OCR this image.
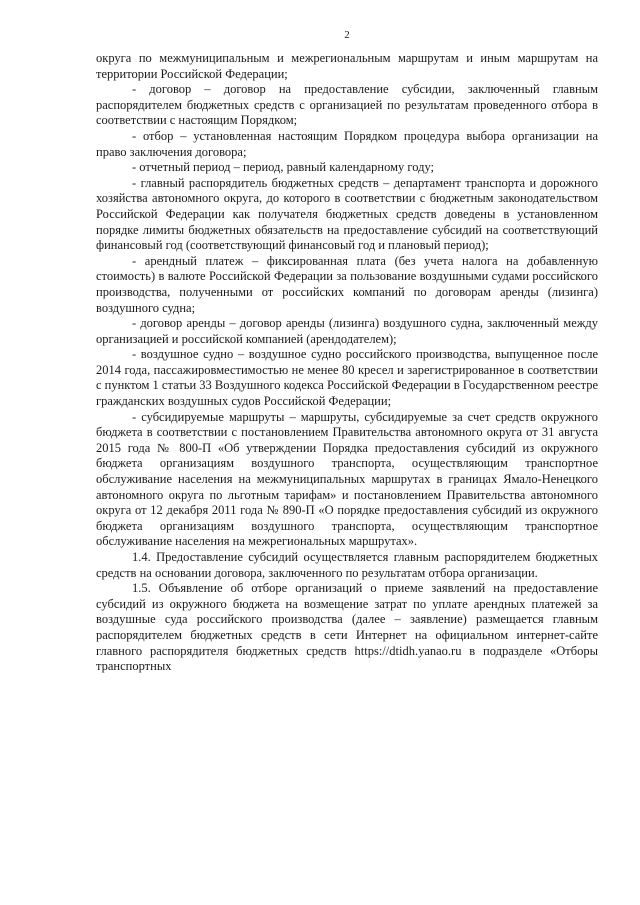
2

округа по межмуниципальным и межрегиональным маршрутам и иным маршрутам на территории Российской Федерации;

- договор – договор на предоставление субсидии, заключенный главным распорядителем бюджетных средств с организацией по результатам проведенного отбора в соответствии с настоящим Порядком;

- отбор – установленная настоящим Порядком процедура выбора организации на право заключения договора;

- отчетный период – период, равный календарному году;

- главный распорядитель бюджетных средств – департамент транспорта и дорожного хозяйства автономного округа, до которого в соответствии с бюджетным законодательством Российской Федерации как получателя бюджетных средств доведены в установленном порядке лимиты бюджетных обязательств на предоставление субсидий на соответствующий финансовый год (соответствующий финансовый год и плановый период);

- арендный платеж – фиксированная плата (без учета налога на добавленную стоимость) в валюте Российской Федерации за пользование воздушными судами российского производства, полученными от российских компаний по договорам аренды (лизинга) воздушного судна;

- договор аренды – договор аренды (лизинга) воздушного судна, заключенный между организацией и российской компанией (арендодателем);

- воздушное судно – воздушное судно российского производства, выпущенное после 2014 года, пассажировместимостью не менее 80 кресел и зарегистрированное в соответствии с пунктом 1 статьи 33 Воздушного кодекса Российской Федерации в Государственном реестре гражданских воздушных судов Российской Федерации;

- субсидируемые маршруты – маршруты, субсидируемые за счет средств окружного бюджета в соответствии с постановлением Правительства автономного округа от 31 августа 2015 года № 800-П «Об утверждении Порядка предоставления субсидий из окружного бюджета организациям воздушного транспорта, осуществляющим транспортное обслуживание населения на межмуниципальных маршрутах в границах Ямало-Ненецкого автономного округа по льготным тарифам» и постановлением Правительства автономного округа от 12 декабря 2011 года № 890-П «О порядке предоставления субсидий из окружного бюджета организациям воздушного транспорта, осуществляющим транспортное обслуживание населения на межрегиональных маршрутах».

1.4. Предоставление субсидий осуществляется главным распорядителем бюджетных средств на основании договора, заключенного по результатам отбора организации.

1.5. Объявление об отборе организаций о приеме заявлений на предоставление субсидий из окружного бюджета на возмещение затрат по уплате арендных платежей за воздушные суда российского производства (далее – заявление) размещается главным распорядителем бюджетных средств в сети Интернет на официальном интернет-сайте главного распорядителя бюджетных средств https://dtidh.yanao.ru в подразделе «Отборы транспортных
